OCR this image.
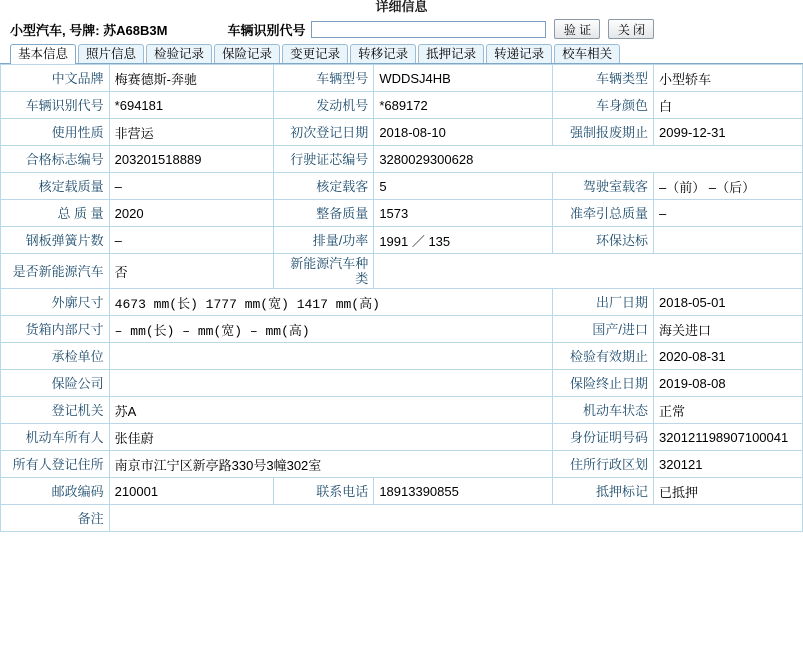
详细信息
小型汽车, 号牌: 苏A68B3M	车辆识别代号	验 证	关 闭
基本信息	照片信息	检验记录	保险记录	变更记录	转移记录	抵押记录	转递记录	校车相关
中文品牌	梅赛德斯-奔驰	车辆型号	WDDSJ4HB	车辆类型	小型轿车
车辆识别代号	*694181	发动机号	*689172	车身颜色	白
使用性质	非营运	初次登记日期	2018-08-10	强制报废期止	2099-12-31
合格标志编号	203201518889	行驶证芯编号	3280029300628		
核定载质量	–	核定载客	5	驾驶室载客	–（前） –（后）
总 质 量	2020	整备质量	1573	准牵引总质量	–
钢板弹簧片数	–	排量/功率	1991 ／ 135	环保达标	
是否新能源汽车	否	新能源汽车种类			
外廓尺寸	4673 mm(长) 1777 mm(宽) 1417 mm(高)			出厂日期	2018-05-01
货箱内部尺寸	– mm(长) – mm(宽) – mm(高)			国产/进口	海关进口
承检单位				检验有效期止	2020-08-31
保险公司				保险终止日期	2019-08-08
登记机关	苏A			机动车状态	正常
机动车所有人	张佳蔚			身份证明号码	320121198907100041
所有人登记住所	南京市江宁区新亭路330号3幢302室			住所行政区划	320121
邮政编码	210001	联系电话	18913390855	抵押标记	已抵押
备注					
